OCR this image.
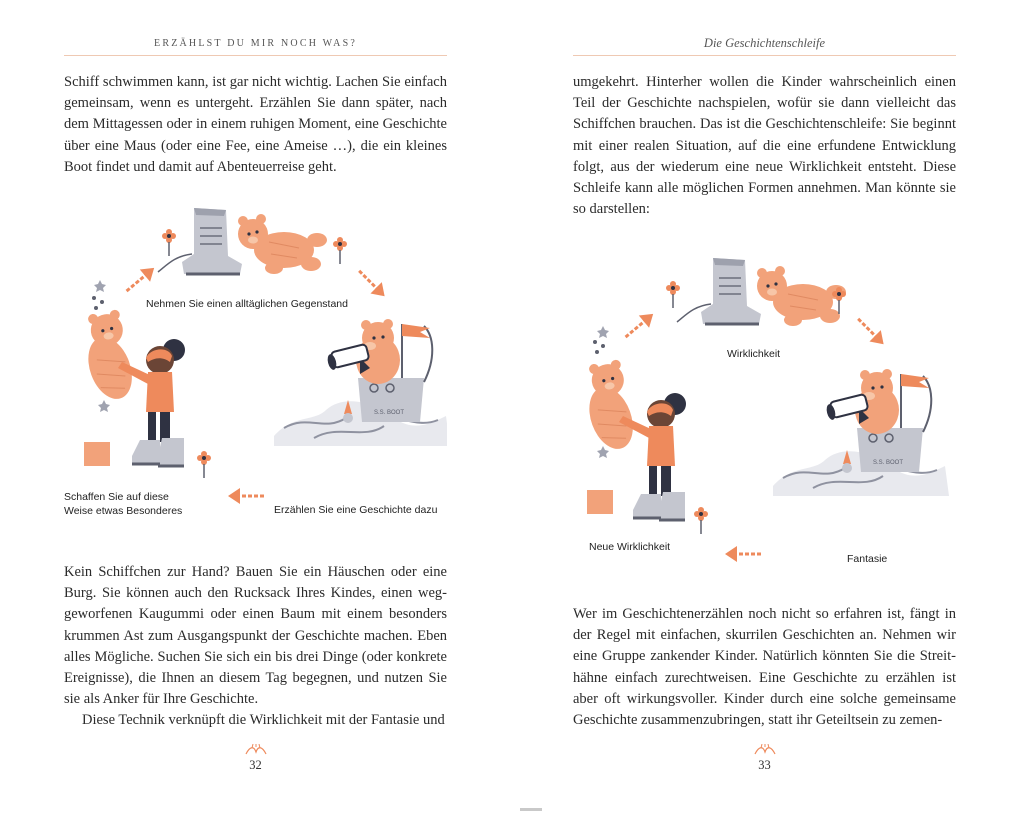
ERZÄHLST DU MIR NOCH WAS?

Schiff schwimmen kann, ist gar nicht wichtig. Lachen Sie einfach gemeinsam, wenn es untergeht. Erzählen Sie dann später, nach dem Mittagessen oder in einem ruhigen Moment, eine Geschichte über eine Maus (oder eine Fee, eine Ameise …), die ein kleines Boot findet und damit auf Abenteuerreise geht.

S.S. BOOT
Nehmen Sie einen alltäglichen Gegenstand
Schaffen Sie auf diese
Weise etwas Besonderes	Erzählen Sie eine Geschichte dazu

Kein Schiffchen zur Hand? Bauen Sie ein Häuschen oder eine Burg. Sie können auch den Rucksack Ihres Kindes, einen weggeworfenen Kaugummi oder einen Baum mit einem besonders krummen Ast zum Ausgangspunkt der Geschichte machen. Eben alles Mögliche. Suchen Sie sich ein bis drei Dinge (oder konkrete Ereignisse), die Ihnen an diesem Tag begegnen, und nutzen Sie sie als Anker für Ihre Geschichte.

Diese Technik verknüpft die Wirklichkeit mit der Fantasie und

32
Die Geschichtenschleife

umgekehrt. Hinterher wollen die Kinder wahrscheinlich einen Teil der Geschichte nachspielen, wofür sie dann vielleicht das Schiffchen brauchen. Das ist die Geschichtenschleife: Sie beginnt mit einer realen Situation, auf die eine erfundene Entwicklung folgt, aus der wiederum eine neue Wirklichkeit entsteht. Diese Schleife kann alle möglichen Formen annehmen. Man könnte sie so darstellen:

S.S. BOOT
Wirklichkeit
Neue Wirklichkeit
Fantasie

Wer im Geschichtenerzählen noch nicht so erfahren ist, fängt in der Regel mit einfachen, skurrilen Geschichten an. Nehmen wir eine Gruppe zankender Kinder. Natürlich könnten Sie die Streithähne einfach zurechtweisen. Eine Geschichte zu erzählen ist aber oft wirkungsvoller. Kinder durch eine solche gemeinsame Geschichte zusammenzubringen, statt ihr Geteiltsein zu zemen-

33
